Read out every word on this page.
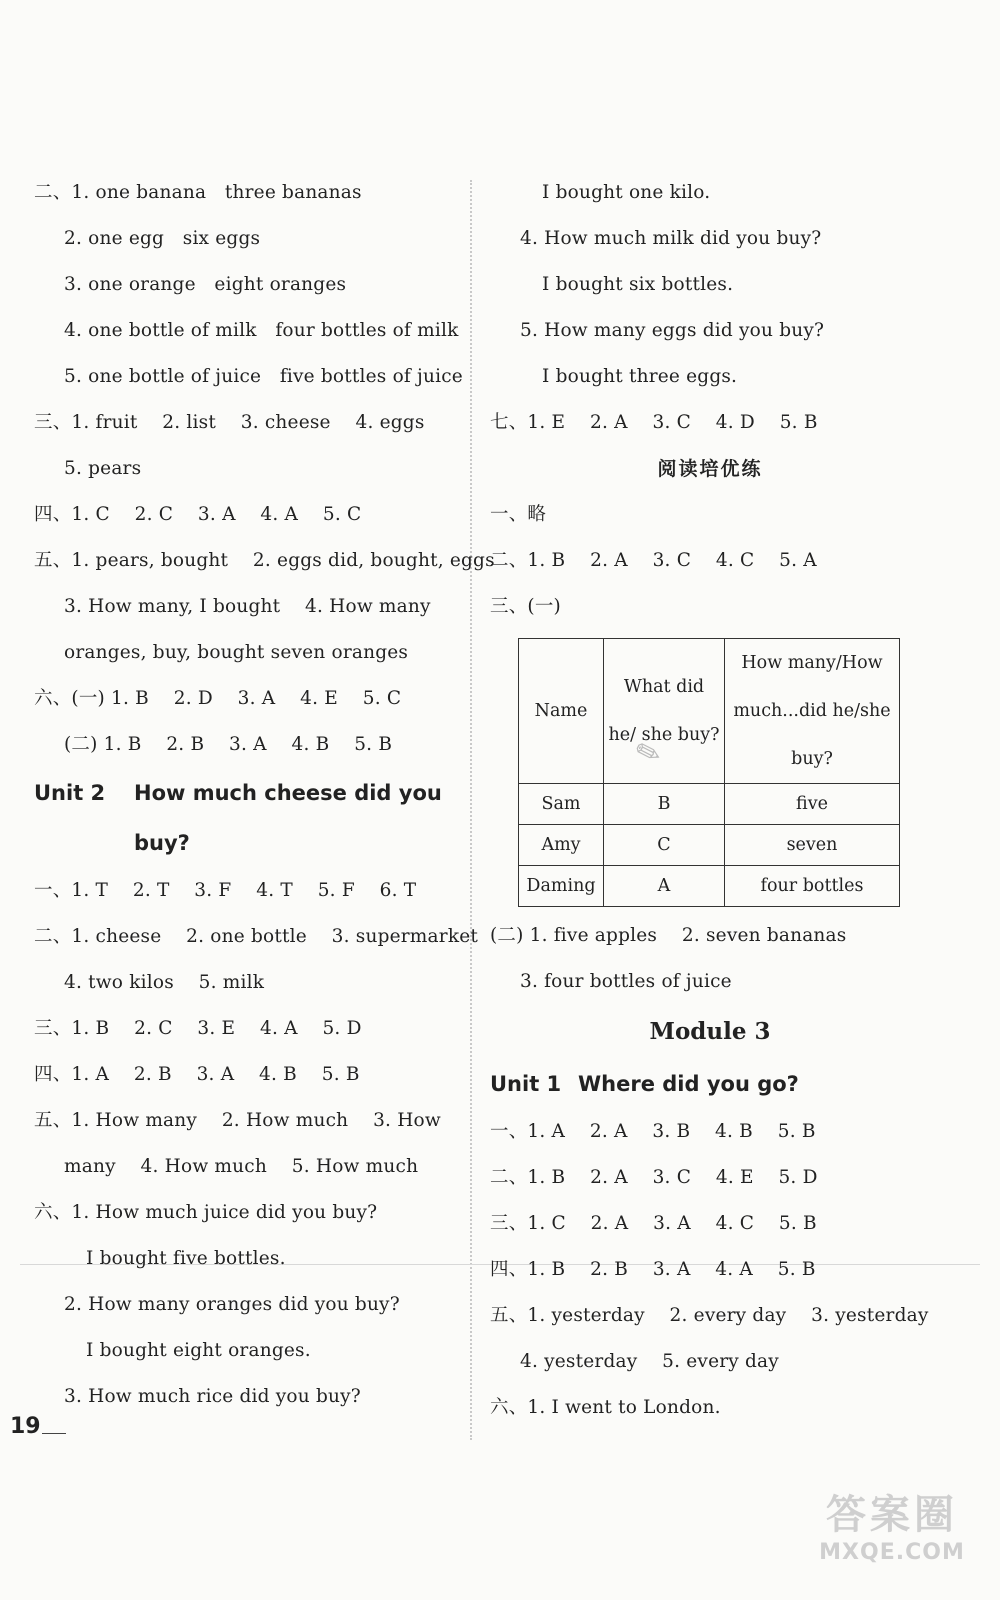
二、1. one banana　three bananas
2. one egg　six eggs
3. one orange　eight oranges
4. one bottle of milk　four bottles of milk
5. one bottle of juice　five bottles of juice
三、1. fruit　 2. list　 3. cheese　 4. eggs
5. pears
四、1. C　 2. C　 3. A　 4. A　 5. C
五、1. pears, bought　 2. eggs did, bought, eggs
3. How many, I bought　 4. How many
oranges, buy, bought seven oranges
六、(一) 1. B　 2. D　 3. A　 4. E　 5. C
(二) 1. B　 2. B　 3. A　 4. B　 5. B
Unit 2 How much cheese did you
buy?
一、1. T　 2. T　 3. F　 4. T　 5. F　 6. T
二、1. cheese　 2. one bottle　 3. supermarket
4. two kilos　 5. milk
三、1. B　 2. C　 3. E　 4. A　 5. D
四、1. A　 2. B　 3. A　 4. B　 5. B
五、1. How many　 2. How much　 3. How
many　 4. How much　 5. How much
六、1. How much juice did you buy?
I bought five bottles.
2. How many oranges did you buy?
I bought eight oranges.
3. How much rice did you buy?
I bought one kilo.
4. How much milk did you buy?
I bought six bottles.
5. How many eggs did you buy?
I bought three eggs.
七、1. E　 2. A　 3. C　 4. D　 5. B
阅读培优练
一、略
二、1. B　 2. A　 3. C　 4. C　 5. A
三、(一)
Name	What did he/ she buy?	How many/How much...did he/she buy?
Sam	B	five
Amy	C	seven
Daming	A	four bottles
(二) 1. five apples　 2. seven bananas
3. four bottles of juice
Module 3
Unit 1 Where did you go?
一、1. A　 2. A　 3. B　 4. B　 5. B
二、1. B　 2. A　 3. C　 4. E　 5. D
三、1. C　 2. A　 3. A　 4. C　 5. B
四、1. B　 2. B　 3. A　 4. A　 5. B
五、1. yesterday　 2. every day　 3. yesterday
4. yesterday　 5. every day
六、1. I went to London.
✎
19
答案圈
MXQE.COM
